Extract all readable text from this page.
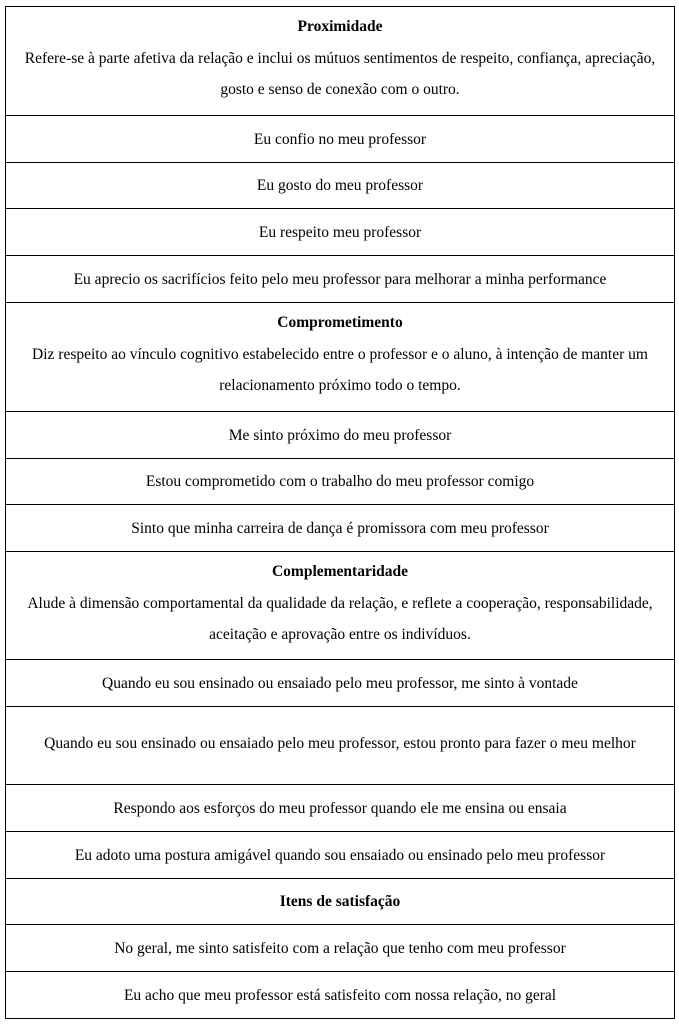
Proximidade
Refere-se à parte afetiva da relação e inclui os mútuos sentimentos de respeito, confiança, apreciação, gosto e senso de conexão com o outro.
Eu confio no meu professor
Eu gosto do meu professor
Eu respeito meu professor
Eu aprecio os sacrifícios feito pelo meu professor para melhorar a minha performance
Comprometimento
Diz respeito ao vínculo cognitivo estabelecido entre o professor e o aluno, à intenção de manter um relacionamento próximo todo o tempo.
Me sinto próximo do meu professor
Estou comprometido com o trabalho do meu professor comigo
Sinto que minha carreira de dança é promissora com meu professor
Complementaridade
Alude à dimensão comportamental da qualidade da relação, e reflete a cooperação, responsabilidade, aceitação e aprovação entre os indivíduos.
Quando eu sou ensinado ou ensaiado pelo meu professor, me sinto à vontade
Quando eu sou ensinado ou ensaiado pelo meu professor, estou pronto para fazer o meu melhor
Respondo aos esforços do meu professor quando ele me ensina ou ensaia
Eu adoto uma postura amigável quando sou ensaiado ou ensinado pelo meu professor
Itens de satisfação
No geral, me sinto satisfeito com a relação que tenho com meu professor
Eu acho que meu professor está satisfeito com nossa relação, no geral
